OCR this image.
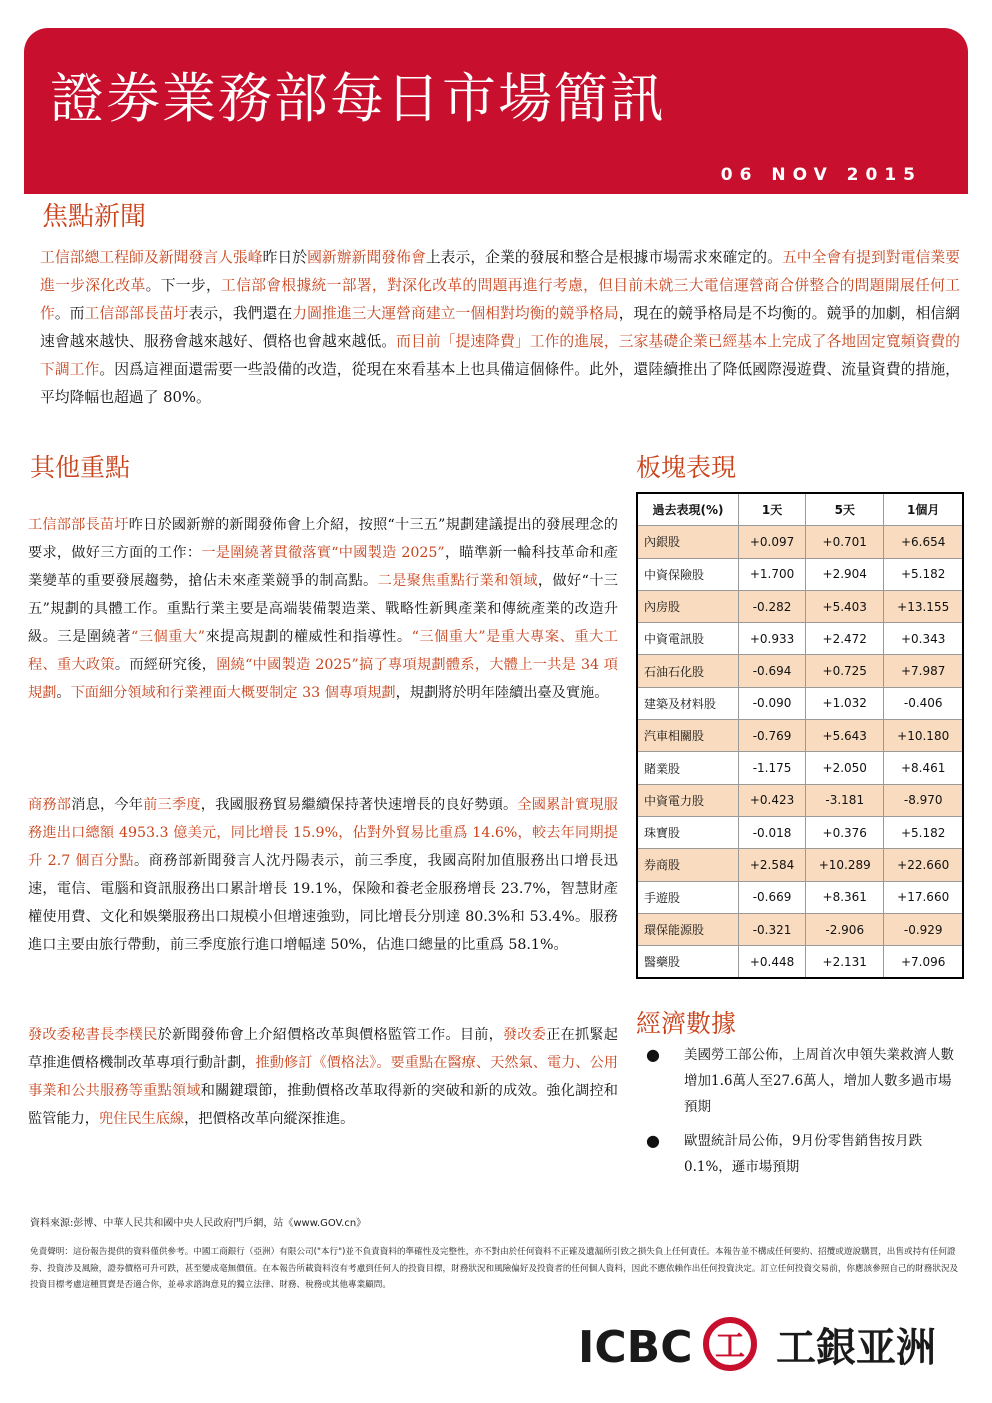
證劵業務部每日市場簡訊
06 NOV 2015
焦點新聞

工信部總工程師及新聞發言人張峰昨日於國新辦新聞發佈會上表示，企業的發展和整合是根據市場需求來確定的。五中全會有提到對電信業要進一步深化改革。下一步，工信部會根據統一部署，對深化改革的問題再進行考慮，但目前未就三大電信運營商合併整合的問題開展任何工作。而工信部部長苗圩表示，我們還在力圖推進三大運營商建立一個相對均衡的競爭格局，現在的競爭格局是不均衡的。競爭的加劇，相信網速會越來越快、服務會越來越好、價格也會越來越低。而目前「提速降費」工作的進展，三家基礎企業已經基本上完成了各地固定寬頻資費的下調工作。因爲這裡面還需要一些設備的改造，從現在來看基本上也具備這個條件。此外，還陸續推出了降低國際漫遊費、流量資費的措施，平均降幅也超過了 80%。

其他重點

工信部部長苗圩昨日於國新辦的新聞發佈會上介紹，按照“十三五”規劃建議提出的發展理念的要求，做好三方面的工作：一是圍繞著貫徹落實“中國製造 2025”，瞄準新一輪科技革命和產業變革的重要發展趨勢，搶佔未來產業競爭的制高點。二是聚焦重點行業和領域，做好“十三五”規劃的具體工作。重點行業主要是高端裝備製造業、戰略性新興產業和傳統產業的改造升級。三是圍繞著“三個重大”來提高規劃的權威性和指導性。“三個重大”是重大專案、重大工程、重大政策。而經研究後，圍繞“中國製造 2025”搞了專項規劃體系，大體上一共是 34 項規劃。下面細分領域和行業裡面大概要制定 33 個專項規劃，規劃將於明年陸續出臺及實施。

商務部消息，今年前三季度，我國服務貿易繼續保持著快速增長的良好勢頭。全國累計實現服務進出口總額 4953.3 億美元，同比增長 15.9%，佔對外貿易比重爲 14.6%，較去年同期提升 2.7 個百分點。商務部新聞發言人沈丹陽表示，前三季度，我國高附加值服務出口增長迅速，電信、電腦和資訊服務出口累計增長 19.1%，保險和養老金服務增長 23.7%，智慧財產權使用費、文化和娛樂服務出口規模小但增速強勁，同比增長分別達 80.3%和 53.4%。服務進口主要由旅行帶動，前三季度旅行進口增幅達 50%，佔進口總量的比重爲 58.1%。

發改委秘書長李樸民於新聞發佈會上介紹價格改革與價格監管工作。目前，發改委正在抓緊起草推進價格機制改革專項行動計劃，推動修訂《價格法》。要重點在醫療、天然氣、電力、公用事業和公共服務等重點領域和關鍵環節，推動價格改革取得新的突破和新的成效。強化調控和監管能力，兜住民生底線，把價格改革向縱深推進。

板塊表現
過去表現(%)	1天	5天	1個月
內銀股	+0.097	+0.701	+6.654
中資保險股	+1.700	+2.904	+5.182
內房股	-0.282	+5.403	+13.155
中資電訊股	+0.933	+2.472	+0.343
石油石化股	-0.694	+0.725	+7.987
建築及材料股	-0.090	+1.032	-0.406
汽車相關股	-0.769	+5.643	+10.180
賭業股	-1.175	+2.050	+8.461
中資電力股	+0.423	-3.181	-8.970
珠寶股	-0.018	+0.376	+5.182
券商股	+2.584	+10.289	+22.660
手遊股	-0.669	+8.361	+17.660
環保能源股	-0.321	-2.906	-0.929
醫藥股	+0.448	+2.131	+7.096
經濟數據
● 美國勞工部公佈，上周首次申領失業救濟人數增加1.6萬人至27.6萬人，增加人數多過市場預期
● 歐盟統計局公佈，9月份零售銷售按月跌0.1%，遜市場預期
資料來源:彭博、中華人民共和國中央人民政府門戶網，站《www.GOV.cn》

免責聲明：這份報告提供的資料僅供參考。中國工商銀行（亞洲）有限公司("本行")並不負責資料的準確性及完整性，亦不對由於任何資料不正確及遺漏所引致之損失負上任何責任。本報告並不構成任何要約、招攬或遊說購買，出售或持有任何證券、投資涉及風險，證券價格可升可跌，甚至變成毫無價值。在本報告所載資料沒有考慮到任何人的投資目標，財務狀況和風險偏好及投資者的任何個人資料，因此不應依賴作出任何投資決定。訂立任何投資交易前，你應該參照自己的財務狀況及投資目標考慮這種買賣是否適合你，並尋求諮詢意見的獨立法律、財務、稅務或其他專業顧問。

ICBC 工 工銀亚洲
